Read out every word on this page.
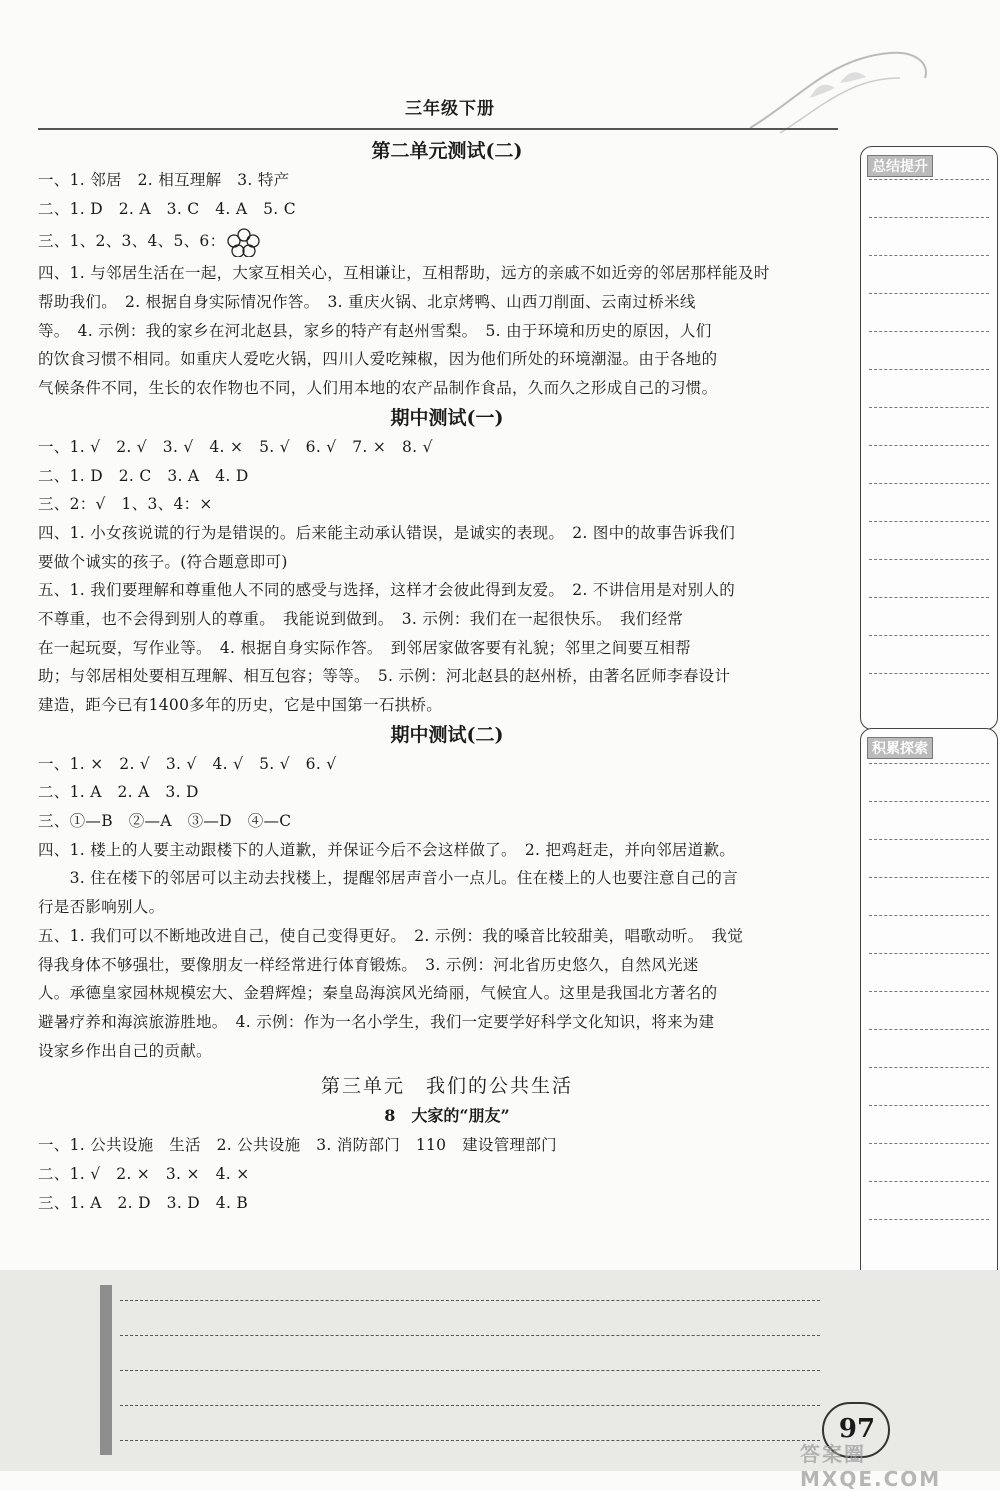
三年级下册
第二单元测试(二)
一、1. 邻居　2. 相互理解　3. 特产
二、1. D　2. A　3. C　4. A　5. C
三、1、2、3、4、5、6：
四、1. 与邻居生活在一起，大家互相关心，互相谦让，互相帮助，远方的亲戚不如近旁的邻居那样能及时
帮助我们。　2. 根据自身实际情况作答。　3. 重庆火锅、北京烤鸭、山西刀削面、云南过桥米线
等。　4. 示例：我的家乡在河北赵县，家乡的特产有赵州雪梨。　5. 由于环境和历史的原因，人们
的饮食习惯不相同。如重庆人爱吃火锅，四川人爱吃辣椒，因为他们所处的环境潮湿。由于各地的
气候条件不同，生长的农作物也不同，人们用本地的农产品制作食品，久而久之形成自己的习惯。
期中测试(一)
一、1. √　2. √　3. √　4. ×　5. √　6. √　7. ×　8. √
二、1. D　2. C　3. A　4. D
三、2：√　1、3、4：×
四、1. 小女孩说谎的行为是错误的。后来能主动承认错误，是诚实的表现。　2. 图中的故事告诉我们
要做个诚实的孩子。(符合题意即可)
五、1. 我们要理解和尊重他人不同的感受与选择，这样才会彼此得到友爱。　2. 不讲信用是对别人的
不尊重，也不会得到别人的尊重。　我能说到做到。　3. 示例：我们在一起很快乐。　我们经常
在一起玩耍，写作业等。　4. 根据自身实际作答。　到邻居家做客要有礼貌；邻里之间要互相帮
助；与邻居相处要相互理解、相互包容；等等。　5. 示例：河北赵县的赵州桥，由著名匠师李春设计
建造，距今已有1400多年的历史，它是中国第一石拱桥。
期中测试(二)
一、1. ×　2. √　3. √　4. √　5. √　6. √
二、1. A　2. A　3. D
三、①—B　②—A　③—D　④—C
四、1. 楼上的人要主动跟楼下的人道歉，并保证今后不会这样做了。　2. 把鸡赶走，并向邻居道歉。
　　3. 住在楼下的邻居可以主动去找楼上，提醒邻居声音小一点儿。住在楼上的人也要注意自己的言
行是否影响别人。
五、1. 我们可以不断地改进自己，使自己变得更好。　2. 示例：我的嗓音比较甜美，唱歌动听。　我觉
得我身体不够强壮，要像朋友一样经常进行体育锻炼。　3. 示例：河北省历史悠久，自然风光迷
人。承德皇家园林规模宏大、金碧辉煌；秦皇岛海滨风光绮丽，气候宜人。这里是我国北方著名的
避暑疗养和海滨旅游胜地。　4. 示例：作为一名小学生，我们一定要学好科学文化知识，将来为建
设家乡作出自己的贡献。
第三单元　我们的公共生活
8　大家的“朋友”
一、1. 公共设施　生活　2. 公共设施　3. 消防部门　110　建设管理部门
二、1. √　2. ×　3. ×　4. ×
三、1. A　2. D　3. D　4. B
总结提升
积累探索
97
答案圈 MXQE.COM
